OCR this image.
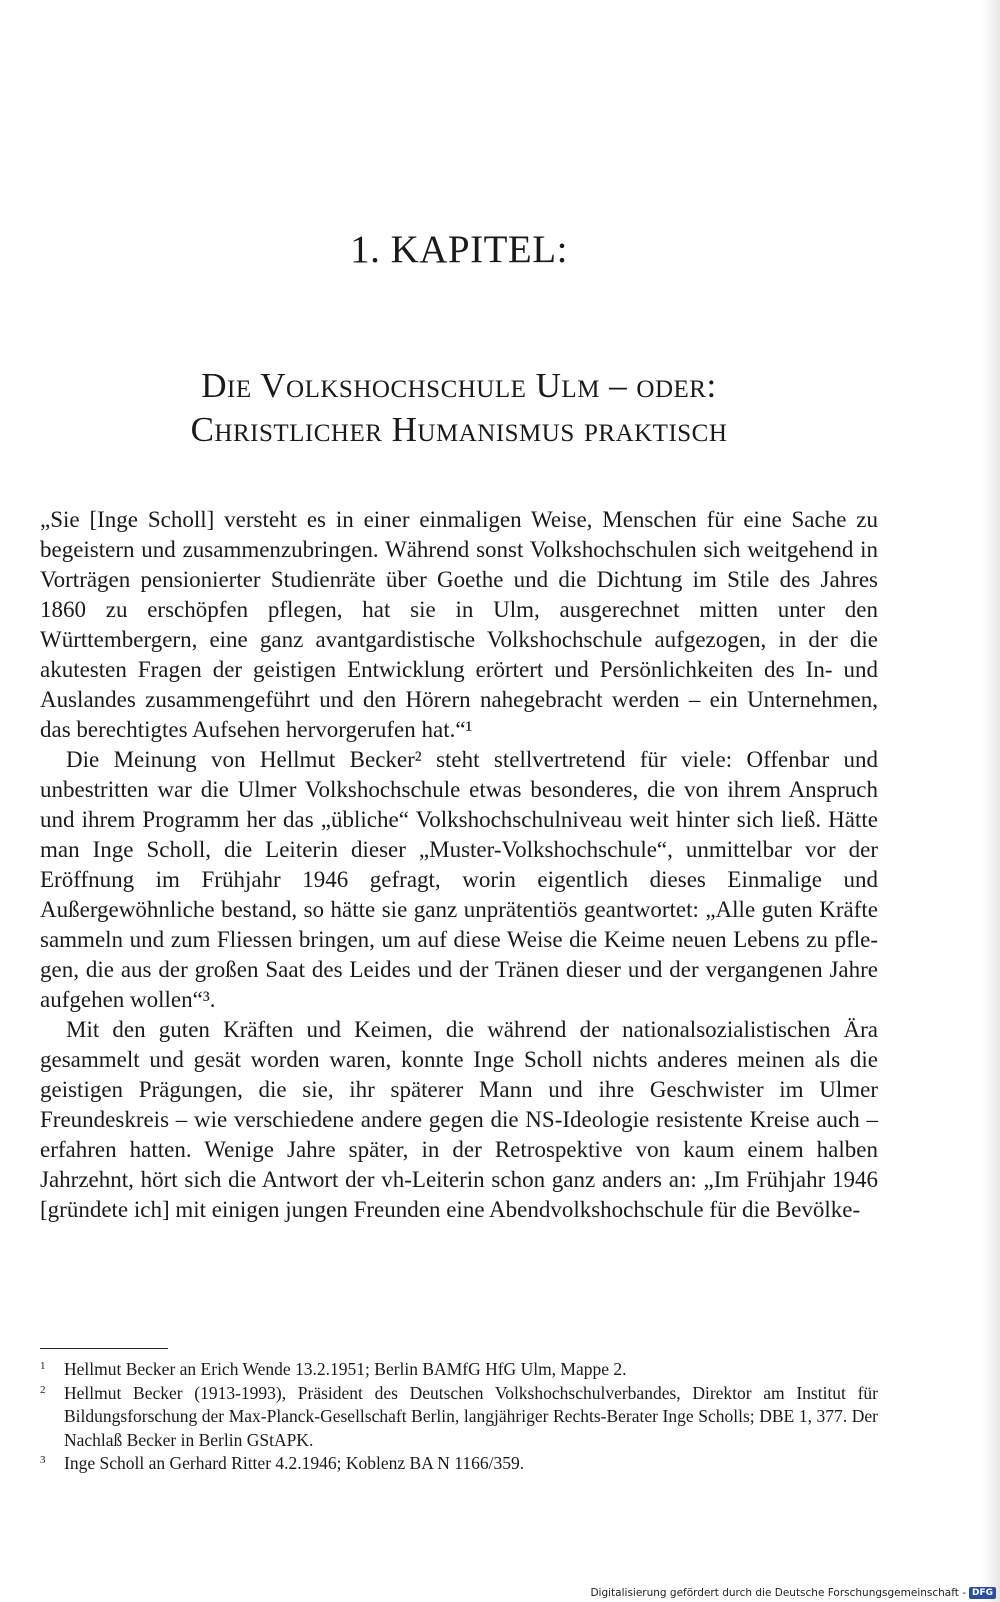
1. KAPITEL:
Die Volkshochschule Ulm – oder:
Christlicher Humanismus praktisch

„Sie [Inge Scholl] versteht es in einer einmaligen Weise, Menschen für eine Sache zu begeistern und zusammenzubringen. Während sonst Volkshochschulen sich weitgehend in Vorträgen pensionierter Studienräte über Goethe und die Dichtung im Stile des Jahres 1860 zu erschöpfen pflegen, hat sie in Ulm, ausgerechnet mitten unter den Württembergern, eine ganz avantgardistische Volkshochschule aufgezogen, in der die akutesten Fragen der geistigen Entwicklung erörtert und Persönlichkeiten des In- und Auslandes zusammengeführt und den Hörern nahegebracht werden – ein Unternehmen, das berechtigtes Aufsehen hervorgerufen hat.“¹

Die Meinung von Hellmut Becker² steht stellvertretend für viele: Offenbar und unbestritten war die Ulmer Volkshochschule etwas besonderes, die von ihrem Anspruch und ihrem Programm her das „übliche“ Volkshochschulniveau weit hinter sich ließ. Hätte man Inge Scholl, die Leiterin dieser „Muster-Volkshochschule“, unmittelbar vor der Eröffnung im Frühjahr 1946 gefragt, worin eigentlich dieses Einmalige und Außergewöhnliche bestand, so hätte sie ganz unprätentiös geantwortet: „Alle guten Kräfte sammeln und zum Fliessen bringen, um auf diese Weise die Keime neuen Lebens zu pflegen, die aus der großen Saat des Leides und der Tränen dieser und der vergangenen Jahre aufgehen wollen“³.

Mit den guten Kräften und Keimen, die während der nationalsozialistischen Ära gesammelt und gesät worden waren, konnte Inge Scholl nichts anderes meinen als die geistigen Prägungen, die sie, ihr späterer Mann und ihre Geschwister im Ulmer Freundeskreis – wie verschiedene andere gegen die NS-Ideologie resistente Kreise auch – erfahren hatten. Wenige Jahre später, in der Retrospektive von kaum einem halben Jahrzehnt, hört sich die Antwort der vh-Leiterin schon ganz anders an: „Im Frühjahr 1946 [gründete ich] mit einigen jungen Freunden eine Abendvolkshochschule für die Bevölke-

1 Hellmut Becker an Erich Wende 13.2.1951; Berlin BAMfG HfG Ulm, Mappe 2.
2 Hellmut Becker (1913-1993), Präsident des Deutschen Volkshochschulverbandes, Direktor am Institut für Bildungsforschung der Max-Planck-Gesellschaft Berlin, langjähriger Rechts-Berater Inge Scholls; DBE 1, 377. Der Nachlaß Becker in Berlin GStAPK.
3 Inge Scholl an Gerhard Ritter 4.2.1946; Koblenz BA N 1166/359.
Digitalisierung gefördert durch die Deutsche Forschungsgemeinschaft - DFG
